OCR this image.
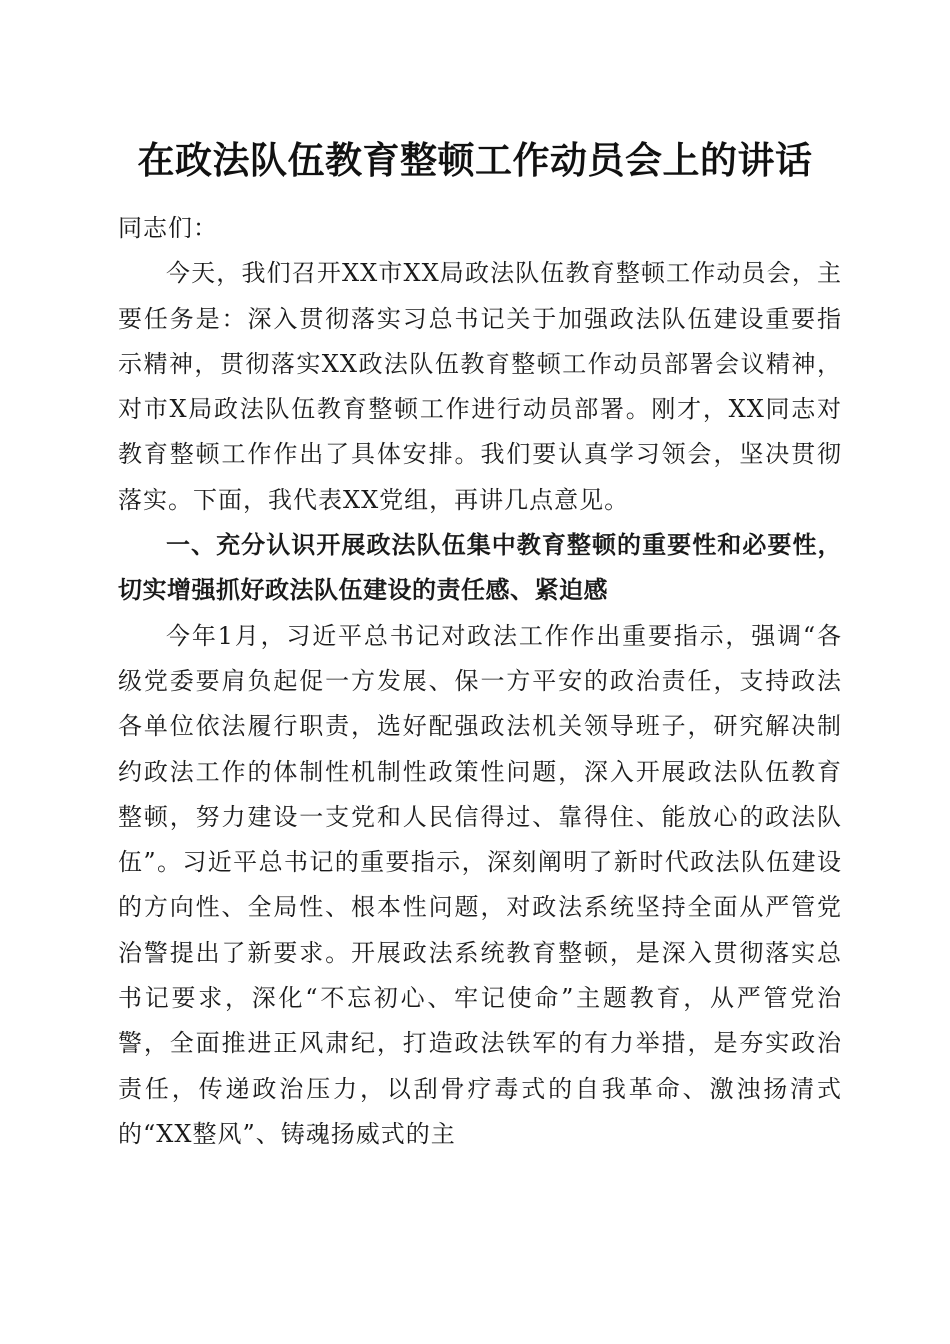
在政法队伍教育整顿工作动员会上的讲话

同志们：

今天，我们召开XX市XX局政法队伍教育整顿工作动员会，主要任务是：深入贯彻落实习总书记关于加强政法队伍建设重要指示精神，贯彻落实XX政法队伍教育整顿工作动员部署会议精神，对市X局政法队伍教育整顿工作进行动员部署。刚才，XX同志对教育整顿工作作出了具体安排。我们要认真学习领会，坚决贯彻落实。下面，我代表XX党组，再讲几点意见。

一、充分认识开展政法队伍集中教育整顿的重要性和必要性，切实增强抓好政法队伍建设的责任感、紧迫感

今年1月，习近平总书记对政法工作作出重要指示，强调“各级党委要肩负起促一方发展、保一方平安的政治责任，支持政法各单位依法履行职责，选好配强政法机关领导班子，研究解决制约政法工作的体制性机制性政策性问题，深入开展政法队伍教育整顿，努力建设一支党和人民信得过、靠得住、能放心的政法队伍”。习近平总书记的重要指示，深刻阐明了新时代政法队伍建设的方向性、全局性、根本性问题，对政法系统坚持全面从严管党治警提出了新要求。开展政法系统教育整顿，是深入贯彻落实总书记要求，深化“不忘初心、牢记使命”主题教育，从严管党治警，全面推进正风肃纪，打造政法铁军的有力举措，是夯实政治责任，传递政治压力，以刮骨疗毒式的自我革命、激浊扬清式的“XX整风”、铸魂扬威式的主
